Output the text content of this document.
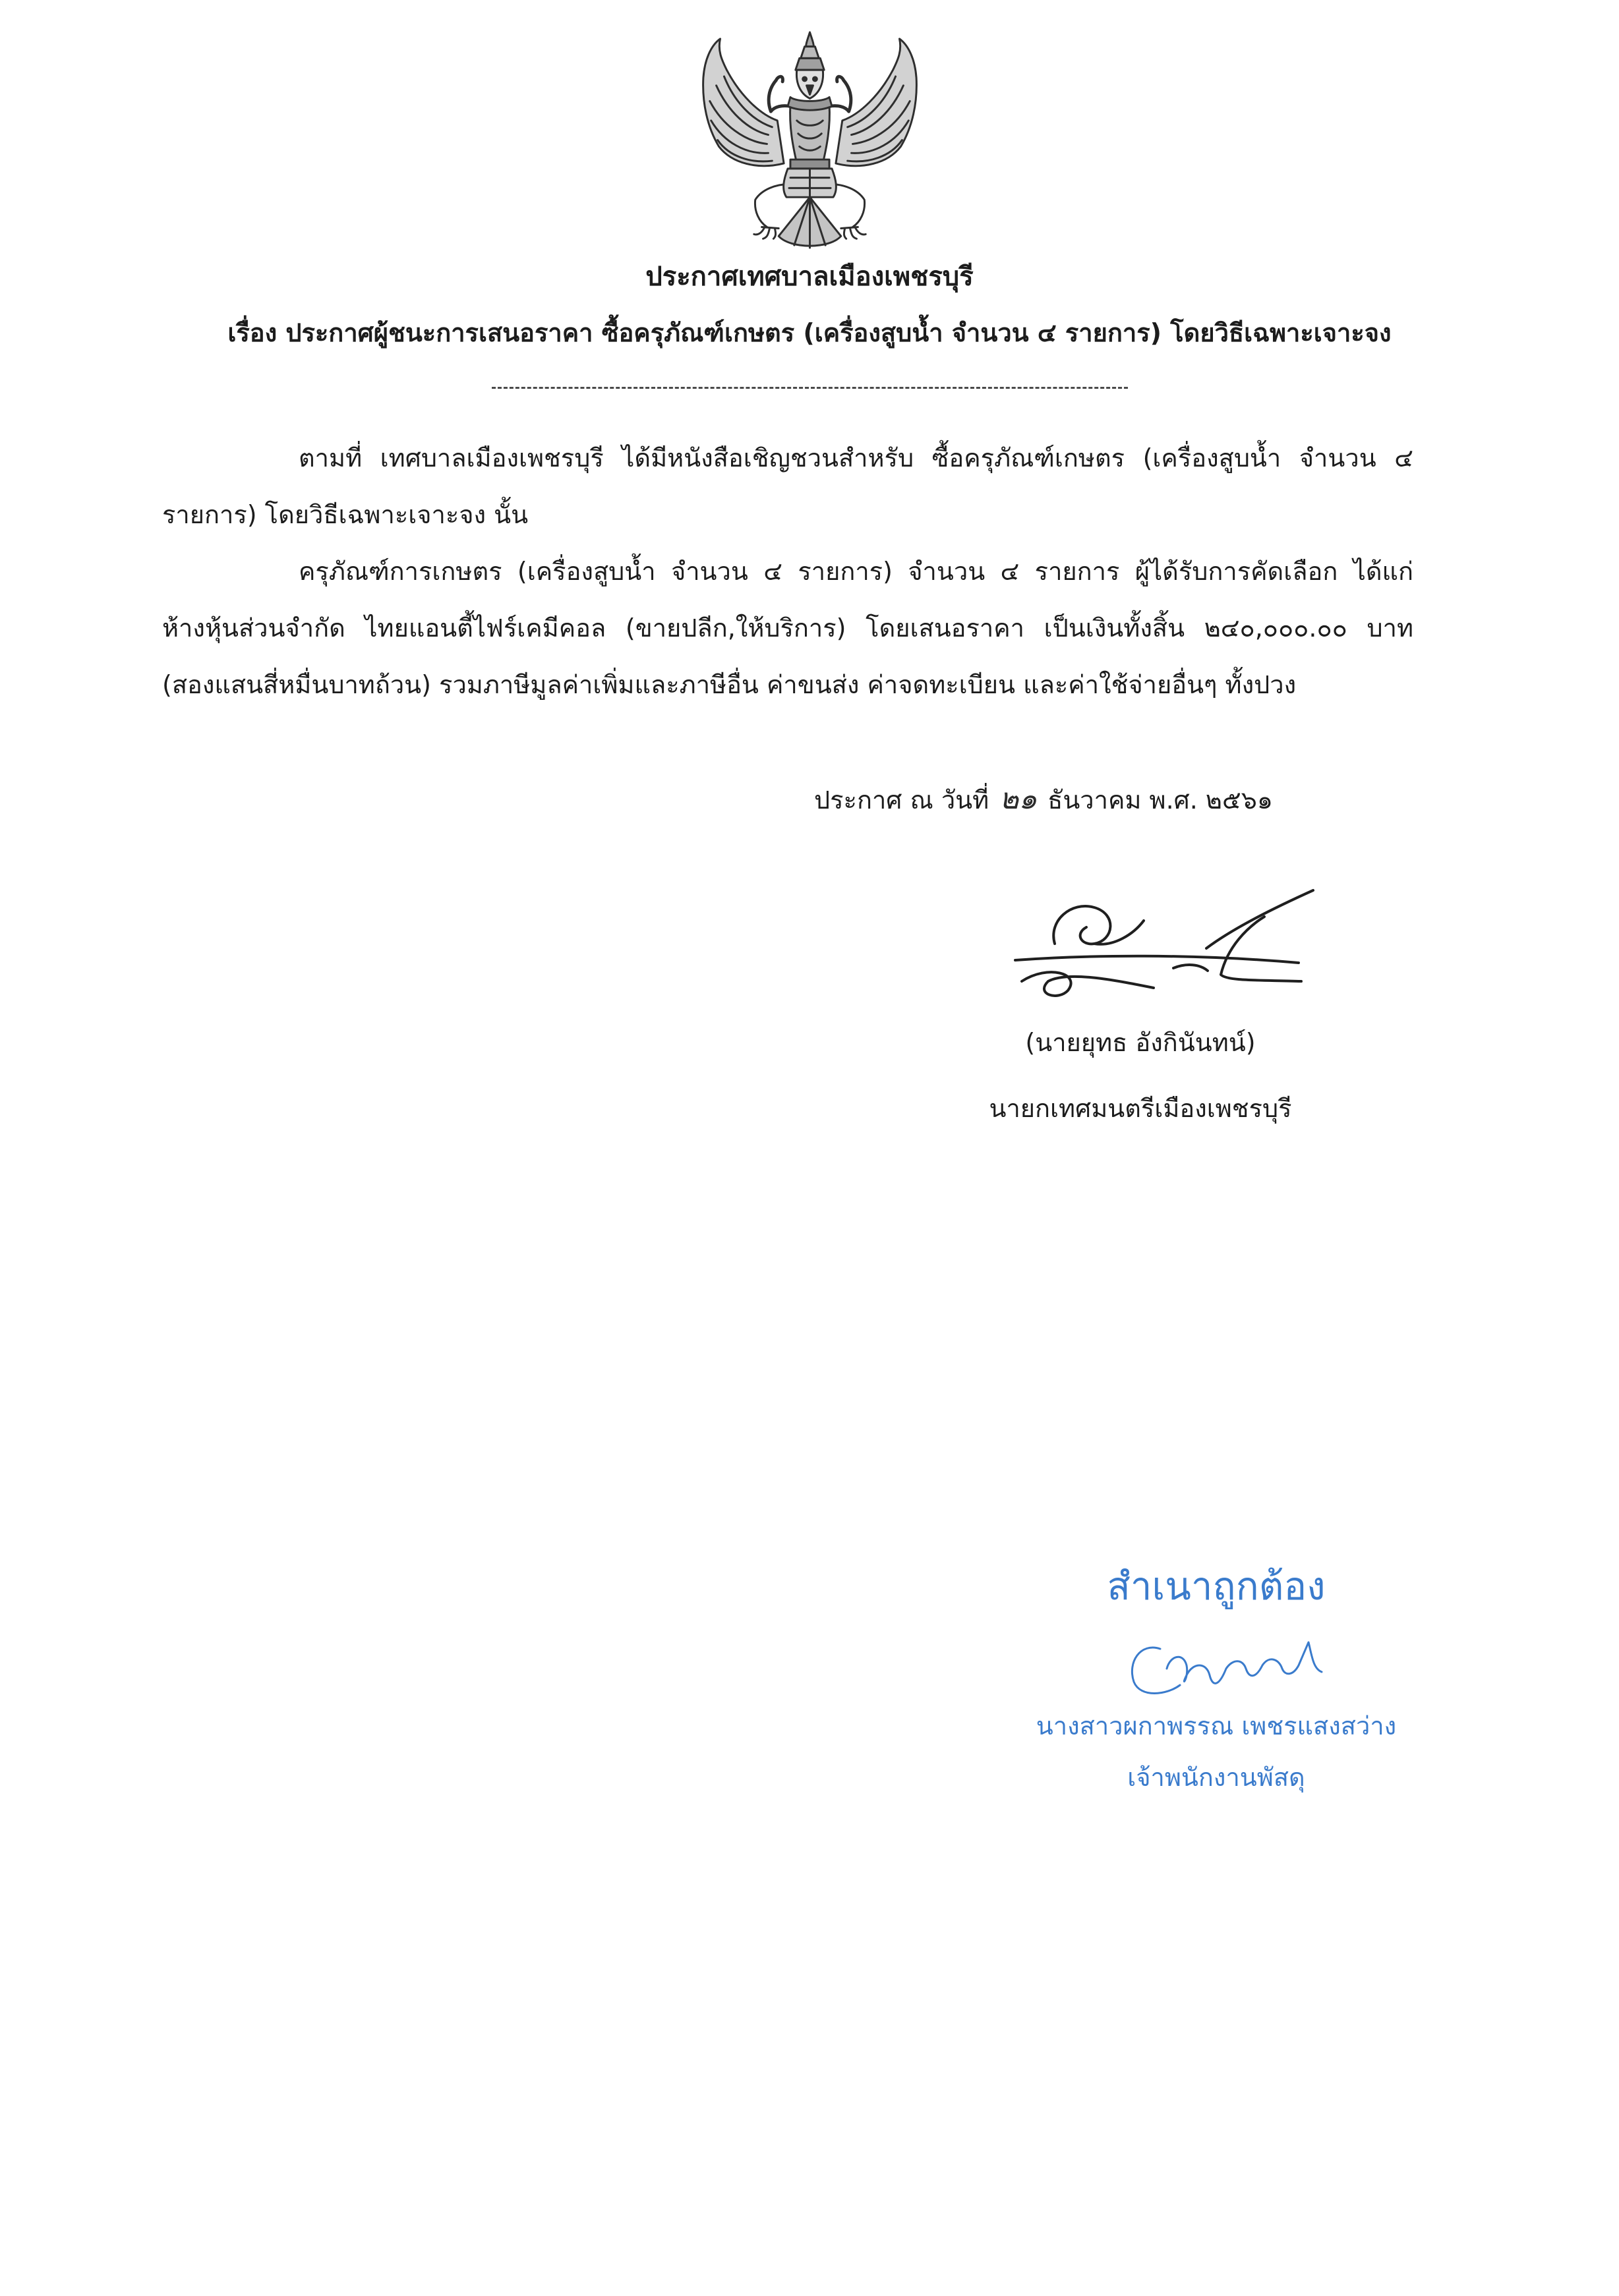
ประกาศเทศบาลเมืองเพชรบุรี
เรื่อง ประกาศผู้ชนะการเสนอราคา ซื้อครุภัณฑ์เกษตร (เครื่องสูบน้ำ จำนวน ๔ รายการ) โดยวิธีเฉพาะเจาะจง
ตามที่ เทศบาลเมืองเพชรบุรี ได้มีหนังสือเชิญชวนสำหรับ ซื้อครุภัณฑ์เกษตร (เครื่องสูบน้ำ จำนวน ๔
รายการ) โดยวิธีเฉพาะเจาะจง นั้น
ครุภัณฑ์การเกษตร (เครื่องสูบน้ำ จำนวน ๔ รายการ) จำนวน ๔ รายการ ผู้ได้รับการคัดเลือก ได้แก่
ห้างหุ้นส่วนจำกัด ไทยแอนตี้ไฟร์เคมีคอล (ขายปลีก,ให้บริการ) โดยเสนอราคา เป็นเงินทั้งสิ้น ๒๔๐,๐๐๐.๐๐ บาท
(สองแสนสี่หมื่นบาทถ้วน) รวมภาษีมูลค่าเพิ่มและภาษีอื่น ค่าขนส่ง ค่าจดทะเบียน และค่าใช้จ่ายอื่นๆ ทั้งปวง
ประกาศ ณ วันที่ ๒๑ ธันวาคม พ.ศ. ๒๕๖๑
(นายยุทธ อังกินันทน์)
นายกเทศมนตรีเมืองเพชรบุรี
สำเนาถูกต้อง
นางสาวผกาพรรณ เพชรแสงสว่าง
เจ้าพนักงานพัสดุ
